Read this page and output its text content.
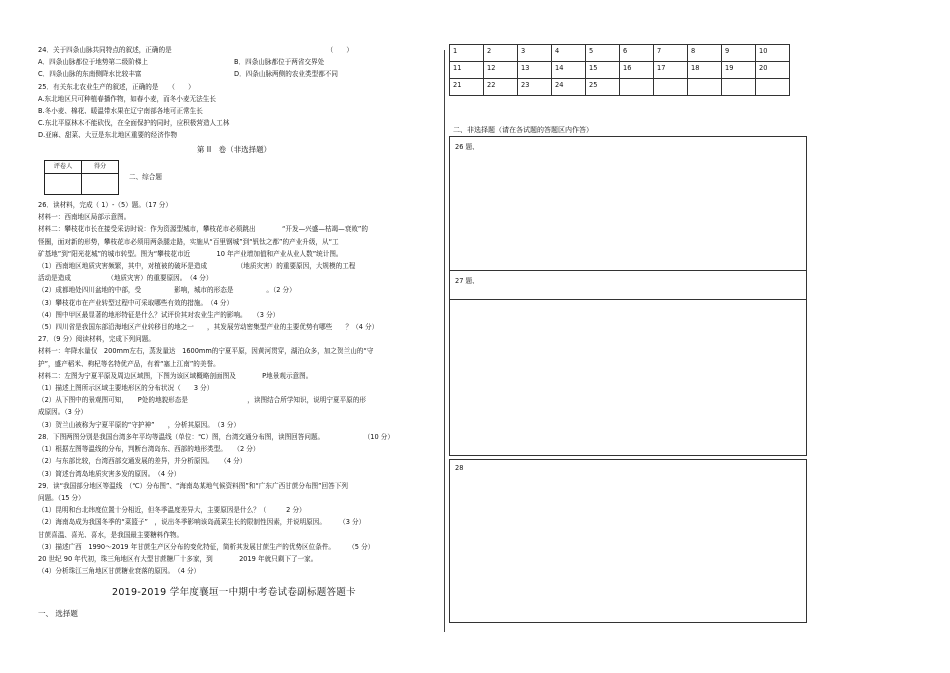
24．关于四条山脉共同特点的叙述，正确的是　　　　　　　　　　　　　　　　　　　　　　　　（　　）
A．四条山脉都位于地势第二级阶梯上	B．四条山脉都位于两省交界处
C．四条山脉的东南侧降水比较丰富	D．四条山脉两侧的农业类型都不同
25．有关东北农业生产的叙述，正确的是　　（　　）
A.东北地区只可种植春播作物，如春小麦，而冬小麦无法生长
B.冬小麦、棉花、暖温带水果在辽宁南部各地可正常生长
C.东北平原林木不能砍伐，在全面保护的同时，应积极营造人工林
D.亚麻、甜菜、大豆是东北地区重要的经济作物
第 II　卷（非选择题）
评卷人	得分

二、综合题
26．读材料，完成（ 1）-（5）题。（17 分）
材料一：西南地区局部示意图。
材料二：攀枝花市长在接受采访时说：作为资源型城市，攀枝花市必须跳出　　　　“开发—兴盛—枯竭—衰败”的
怪圈，面对新的形势，攀枝花市必须用两条腿走路，实施从“百里钢城”到“钒钛之都”的产业升级，从“工
矿基地”到“阳光花城”的城市转型。图为“攀枝花市近　　　　10 年产业增加值和产业从业人数”统计图。
（1）西南地区地质灾害频繁，其中，对植被的破坏是造成　　　　　（地质灾害）的重要原因，大规模的工程
活动是造成　　　　　　（地质灾害）的重要原因。　（4 分）
（2）成都地处四川盆地的中部，受　　　　　影响，城市的形态是　　　　　。（2 分）
（3）攀枝花市在产业转型过程中可采取哪些有效的措施。　（4 分）
（4）图中甲区最显著的地形特征是什么？试评价其对农业生产的影响。　　（3 分）
（5）四川省是我国东部沿海地区产业转移目的地之一　　，其发展劳动密集型产业的主要优势有哪些　　？（4 分）
27．（9 分）阅读材料，完成下列问题。
材料一：年降水量仅　200mm左右，蒸发量达　1600mm的宁夏平原，因黄河贯穿，湖泊众多，加之贺兰山的“守
护”，盛产稻米、枸杞等名特优产品，有着“塞上江南”的美誉。
材料二：左图为宁夏平原及周边区域图，下图为该区域概略剖面图及　　　　P地景观示意图。
（1）描述上图所示区域主要地形区的分布状况（　　3 分）
（2）从下图中的景观图可知，　　P处的地貌形态是　　　　　　　　　，读图结合所学知识，说明宁夏平原的形
成原因。（3 分）
（3）贺兰山被称为宁夏平原的“守护神”　　，分析其原因。　（3 分）
28．下图两图分别是我国台湾多年平均等温线（单位：℃）图，台湾交通分布图，读图回答问题。　　　　　　　（10 分）
（1）根据左图等温线的分布，判断台湾岛东、西部的地形类型。　　（2 分）
（2）与东部比较，台湾西部交通发展的差异，并分析原因。　　（4 分）
（3）简述台湾岛地质灾害多发的原因。　（4 分）
29．读“我国部分地区等温线　（℃）分布图”、“海南岛某地气候资料图”和“广东广西甘蔗分布图”回答下列
问题。（15 分）
（1）昆明和台北纬度位置十分相近，但冬季温度差异大，主要原因是什么？（　　　2 分）
（2）海南岛成为我国冬季的“菜篮子”　，说出冬季影响该岛蔬菜生长的限制性因素，并说明原因。　　　（3 分）
甘蔗喜温、喜光、喜水，是我国最主要糖料作物。
（3）描述广西　1990～2019 年甘蔗生产区分布的变化特征，简析其发展甘蔗生产的优势区位条件。　　　（5 分）
20 世纪 90 年代初，珠三角地区有大型甘蔗糖厂十多家，到　　　　2019 年就只剩下了一家。
（4）分析珠江三角地区甘蔗糖业衰落的原因。　（4 分）
2019-2019 学年度襄垣一中期中考卷试卷副标题答题卡
一、 选择题
1	2	3	4	5	6	7	8	9	10
11	12	13	14	15	16	17	18	19	20
21	22	23	24	25					
二、非选择题（请在各试题的答题区内作答）
26 题、
27 题、
28
